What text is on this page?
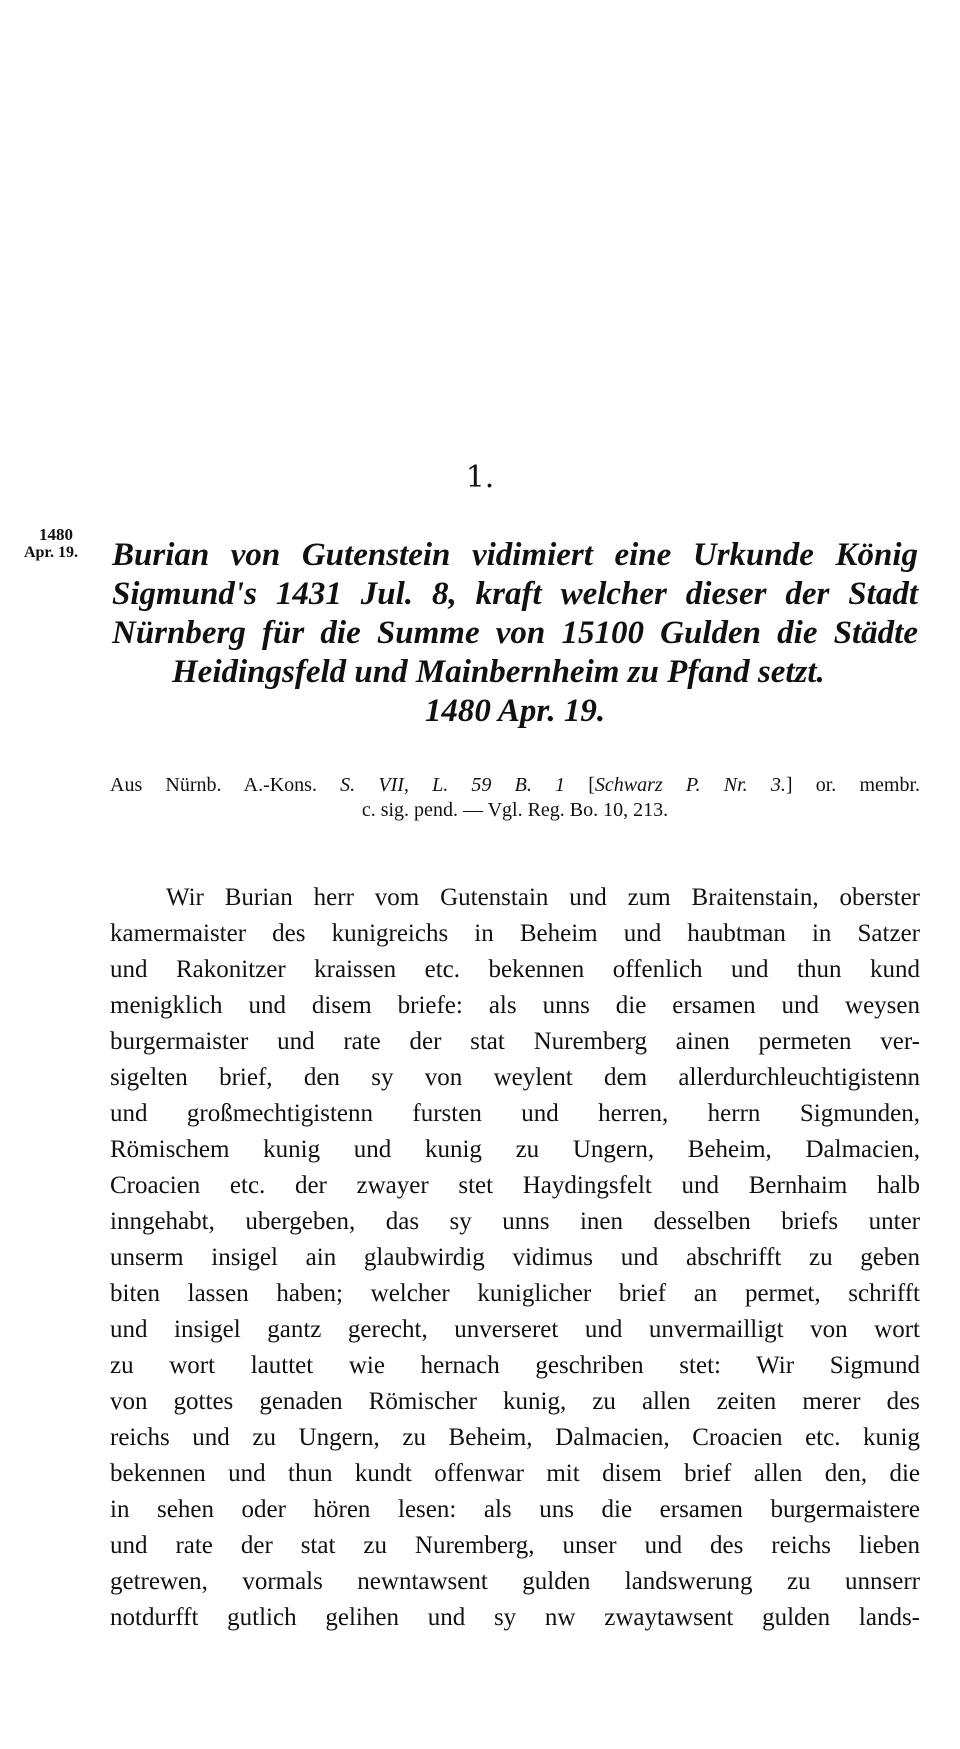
1.
1480
Apr. 19.	Burian von Gutenstein vidimiert eine Urkunde König
Sigmund's 1431 Jul. 8, kraft welcher dieser der Stadt
Nürnberg für die Summe von 15100 Gulden die Städte
Heidingsfeld und Mainbernheim zu Pfand setzt.
1480 Apr. 19.
Aus Nürnb. A.-Kons. S. VII, L. 59 B. 1 [Schwarz P. Nr. 3.] or. membr.
c. sig. pend. — Vgl. Reg. Bo. 10, 213.
Wir Burian herr vom Gutenstain und zum Braitenstain, oberster
kamermaister des kunigreichs in Beheim und haubtman in Satzer
und Rakonitzer kraissen etc. bekennen offenlich und thun kund
menigklich und disem briefe: als unns die ersamen und weysen
burgermaister und rate der stat Nuremberg ainen permeten ver-
sigelten brief, den sy von weylent dem allerdurchleuchtigistenn
und großmechtigistenn fursten und herren, herrn Sigmunden,
Römischem kunig und kunig zu Ungern, Beheim, Dalmacien,
Croacien etc. der zwayer stet Haydingsfelt und Bernhaim halb
inngehabt, ubergeben, das sy unns inen desselben briefs unter
unserm insigel ain glaubwirdig vidimus und abschrifft zu geben
biten lassen haben; welcher kuniglicher brief an permet, schrifft
und insigel gantz gerecht, unverseret und unvermailligt von wort
zu wort lauttet wie hernach geschriben stet: Wir Sigmund
von gottes genaden Römischer kunig, zu allen zeiten merer des
reichs und zu Ungern, zu Beheim, Dalmacien, Croacien etc. kunig
bekennen und thun kundt offenwar mit disem brief allen den, die
in sehen oder hören lesen: als uns die ersamen burgermaistere
und rate der stat zu Nuremberg, unser und des reichs lieben
getrewen, vormals newntawsent gulden landswerung zu unnserr
notdurfft gutlich gelihen und sy nw zwaytawsent gulden lands-
